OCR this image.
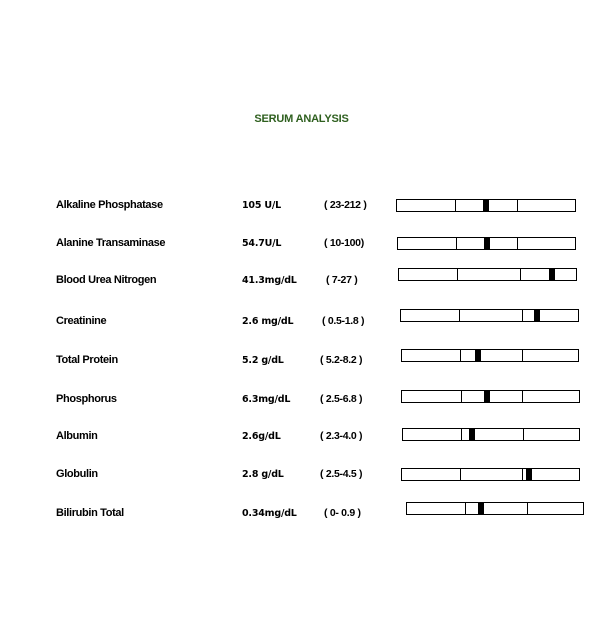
SERUM ANALYSIS
Alkaline Phosphatase	105 U/L	( 23-212 )
Alanine Transaminase	54.7U/L	( 10-100)
Blood Urea Nitrogen	41.3mg/dL	( 7-27 )
Creatinine	2.6 mg/dL	( 0.5-1.8 )
Total Protein	5.2 g/dL	( 5.2-8.2 )
Phosphorus	6.3mg/dL	( 2.5-6.8 )
Albumin	2.6g/dL	( 2.3-4.0 )
Globulin	2.8 g/dL	( 2.5-4.5 )
Bilirubin Total	0.34mg/dL	( 0- 0.9 )
